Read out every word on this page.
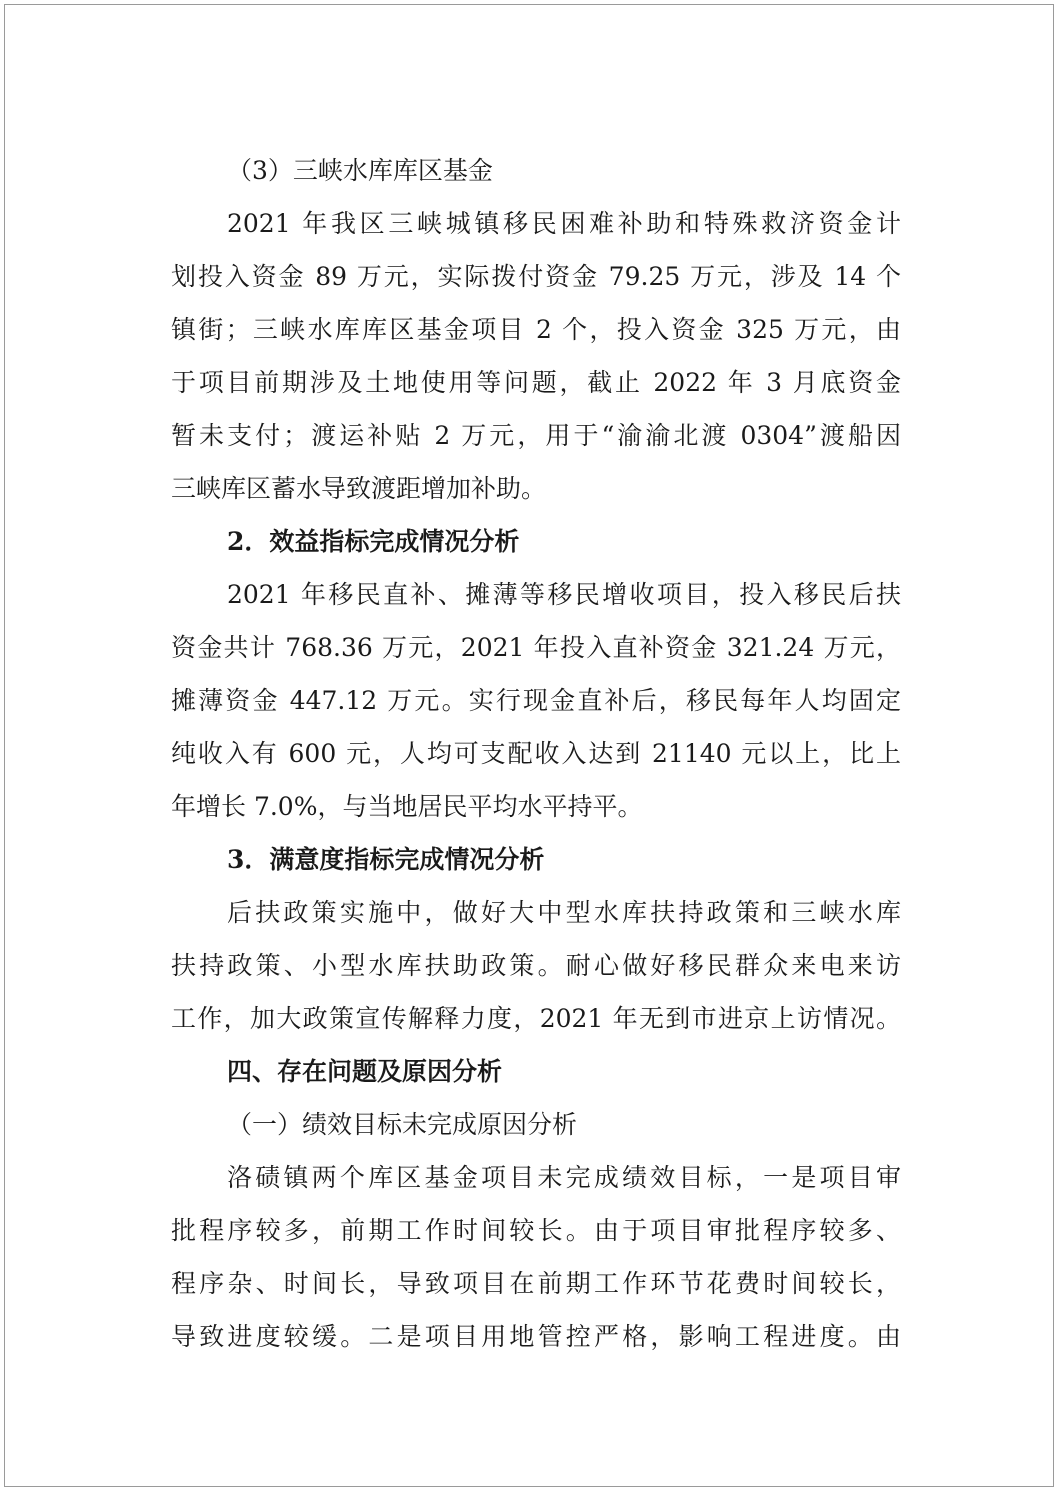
（3）三峡水库库区基金
2021 年我区三峡城镇移民困难补助和特殊救济资金计
划投入资金 89 万元，实际拨付资金 79.25 万元，涉及 14 个
镇街；三峡水库库区基金项目 2 个，投入资金 325 万元，由
于项目前期涉及土地使用等问题，截止 2022 年 3 月底资金
暂未支付；渡运补贴 2 万元，用于“渝渝北渡 0304”渡船因
三峡库区蓄水导致渡距增加补助。
2．效益指标完成情况分析
2021 年移民直补、摊薄等移民增收项目，投入移民后扶
资金共计 768.36 万元，2021 年投入直补资金 321.24 万元，
摊薄资金 447.12 万元。实行现金直补后，移民每年人均固定
纯收入有 600 元，人均可支配收入达到 21140 元以上，比上
年增长 7.0%，与当地居民平均水平持平。
3．满意度指标完成情况分析
后扶政策实施中，做好大中型水库扶持政策和三峡水库
扶持政策、小型水库扶助政策。耐心做好移民群众来电来访
工作，加大政策宣传解释力度，2021 年无到市进京上访情况。
四、存在问题及原因分析
（一）绩效目标未完成原因分析
洛碛镇两个库区基金项目未完成绩效目标，一是项目审
批程序较多，前期工作时间较长。由于项目审批程序较多、
程序杂、时间长，导致项目在前期工作环节花费时间较长，
导致进度较缓。二是项目用地管控严格，影响工程进度。由
